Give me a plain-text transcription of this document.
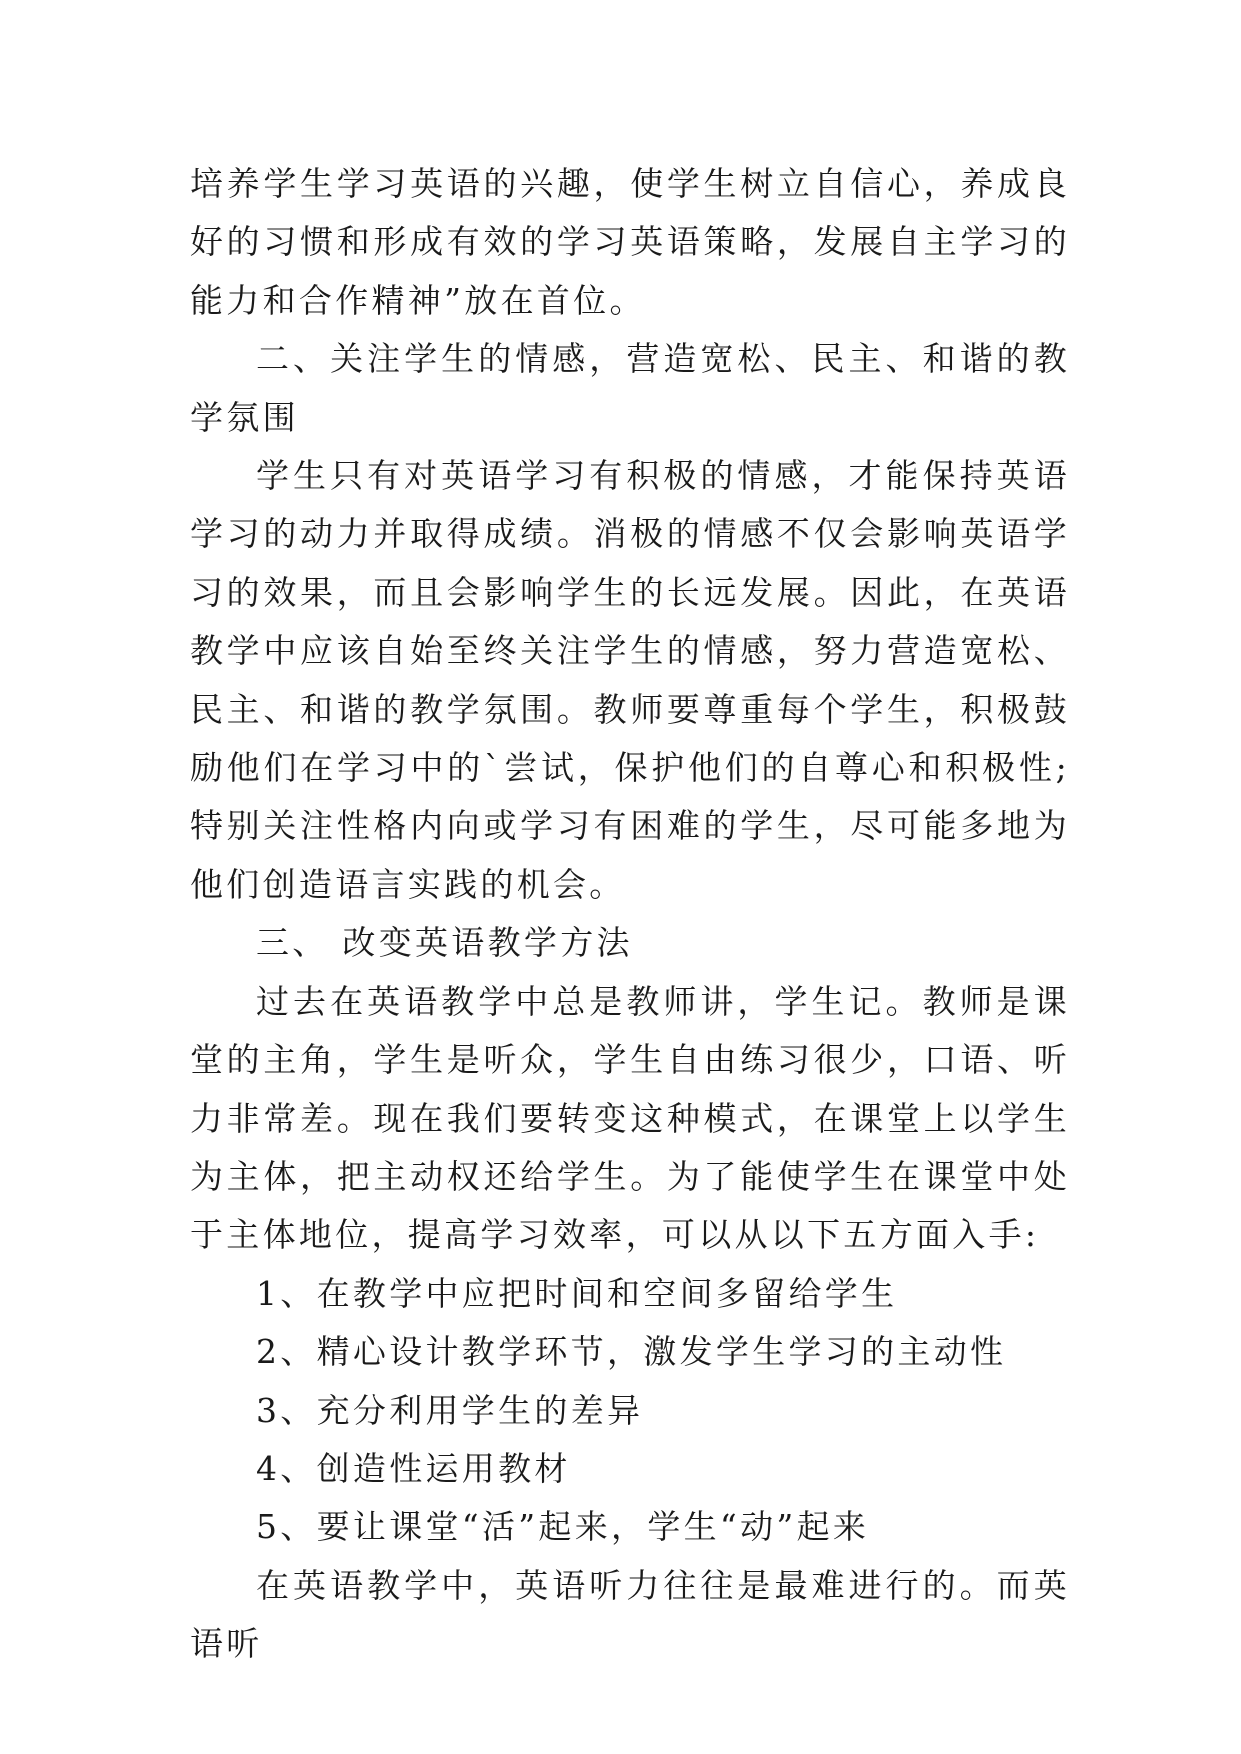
培养学生学习英语的兴趣，使学生树立自信心，养成良好的习惯和形成有效的学习英语策略，发展自主学习的能力和合作精神”放在首位。

二、关注学生的情感，营造宽松、民主、和谐的教学氛围

学生只有对英语学习有积极的情感，才能保持英语学习的动力并取得成绩。消极的情感不仅会影响英语学习的效果，而且会影响学生的长远发展。因此，在英语教学中应该自始至终关注学生的情感，努力营造宽松、民主、和谐的教学氛围。教师要尊重每个学生，积极鼓励他们在学习中的`尝试，保护他们的自尊心和积极性;特别关注性格内向或学习有困难的学生，尽可能多地为他们创造语言实践的机会。

三、 改变英语教学方法

过去在英语教学中总是教师讲，学生记。教师是课堂的主角，学生是听众，学生自由练习很少，口语、听力非常差。现在我们要转变这种模式，在课堂上以学生为主体，把主动权还给学生。为了能使学生在课堂中处于主体地位，提高学习效率，可以从以下五方面入手:

1、在教学中应把时间和空间多留给学生

2、精心设计教学环节，激发学生学习的主动性

3、充分利用学生的差异

4、创造性运用教材

5、要让课堂“活”起来，学生“动”起来

在英语教学中，英语听力往往是最难进行的。而英语听
